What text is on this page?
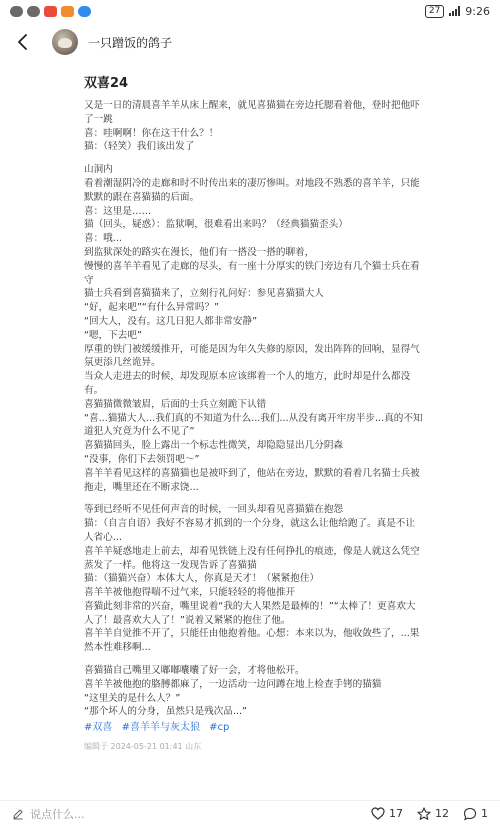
27	9:26
一只蹭饭的鸽子
双喜24
又是一日的清晨喜羊羊从床上醒来，就见喜猫猫在旁边托腮看着他，登时把他吓了一跳
喜：哇啊啊！你在这干什么？！
猫：（轻笑）我们该出发了
山洞内
看着潮湿阴冷的走廊和时不时传出来的凄厉惨叫。对地段不熟悉的喜羊羊，只能默默的跟在喜猫猫的后面。
喜：这里是……
猫（回头，疑惑）：监狱啊，很难看出来吗？（经典猫猫歪头）
喜：哦...
到监狱深处的路实在漫长，他们有一搭没一搭的聊着，
慢慢的喜羊羊看见了走廊的尽头，有一座十分厚实的铁门旁边有几个猫士兵在看守
猫士兵看到喜猫猫来了，立刻行礼问好：参见喜猫猫大人
“好，起来吧”“有什么异常吗？”
“回大人，没有。这几日犯人都非常安静”
“嗯，下去吧”
厚重的铁门被缓缓推开，可能是因为年久失修的原因，发出阵阵的回响，显得气氛更添几丝诡异。
当众人走进去的时候，却发现原本应该绑着一个人的地方，此时却是什么都没有。
喜猫猫微微皱眉，后面的士兵立刻跪下认错
“喜...猫猫大人...我们真的不知道为什么...我们...从没有离开牢房半步...真的不知道犯人究竟为什么不见了”
喜猫猫回头，脸上露出一个标志性微笑，却隐隐显出几分阴森
“没事，你们下去领罚吧～”
喜羊羊看见这样的喜猫猫也是被吓到了，他站在旁边，默默的看着几名猫士兵被拖走，嘴里还在不断求饶...
等到已经听不见任何声音的时候，一回头却看见喜猫猫在抱怨
猫：（自言自语）我好不容易才抓到的一个分身，就这么让他给跑了。真是不让人省心...
喜羊羊疑惑地走上前去，却看见铁链上没有任何挣扎的痕迹，像是人就这么凭空蒸发了一样。他将这一发现告诉了喜猫猫
猫：（猫猫兴奋）本体大人，你真是天才！（紧紧抱住）
喜羊羊被他抱得喘不过气来，只能轻轻的将他推开
喜猫此刻非常的兴奋，嘴里说着“我的大人果然是最棒的！”“太棒了！更喜欢大人了！最喜欢大人了！”说着又紧紧的抱住了他。
喜羊羊自觉推不开了，只能任由他抱着他。心想：本来以为，他收敛些了，...果然本性难移啊...
喜猫猫自己嘴里又嘟嘟囔囔了好一会，才将他松开。
喜羊羊被他抱的胳膊都麻了，一边活动一边问蹲在地上检查手铐的猫猫
“这里关的是什么人？”
“那个坏人的分身，虽然只是残次品...”
#双喜 #喜羊羊与灰太狼 #cp
编辑于 2024-05-21 01:41 山东
说点什么...	17	12	1
